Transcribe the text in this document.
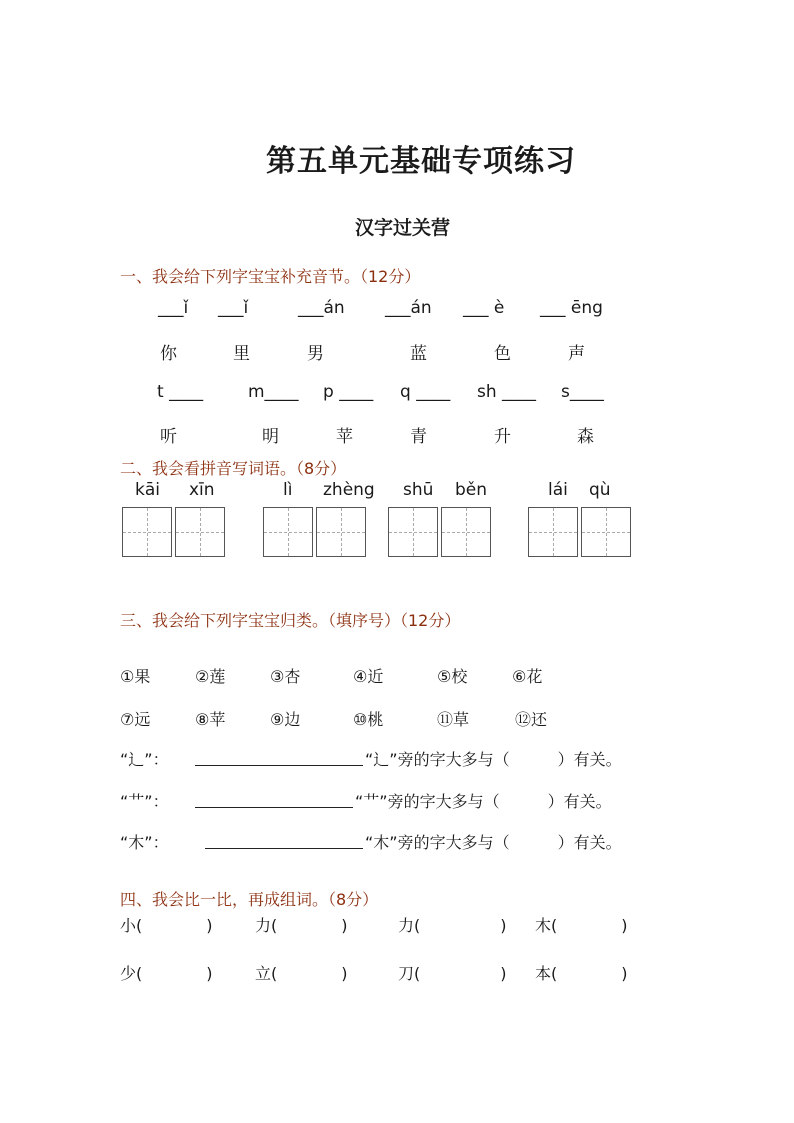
第五单元基础专项练习
汉字过关营
一、我会给下列字宝宝补充音节。（12分）
___ǐ ___ǐ	___án ___án ___ è ___ ēng
你	里	男	蓝	色	声
t ____	m____ p ____ q ____ sh ____ s____
听	明	苹	青	升	森
二、我会看拼音写词语。（8分）
kāi xīn	lì zhèng shū běn	lái qù
三、我会给下列字宝宝归类。（填序号）（12分）
①果	②莲	③杏	④近	⑤校	⑥花
⑦远	⑧苹	⑨边	⑩桃	⑪草	⑫还
“辶”：	“辶”旁的字大多与（　　　）有关。
“艹”：	“艹”旁的字大多与（　　　）有关。
“木”：	“木”旁的字大多与（　　　）有关。
四、我会比一比，再成组词。（8分）
小(　　　　)	力(　　　　)	力(　　　　　) 木(　　　　)
少(　　　　)	立(　　　　)	刀(　　　　　) 本(　　　　)
